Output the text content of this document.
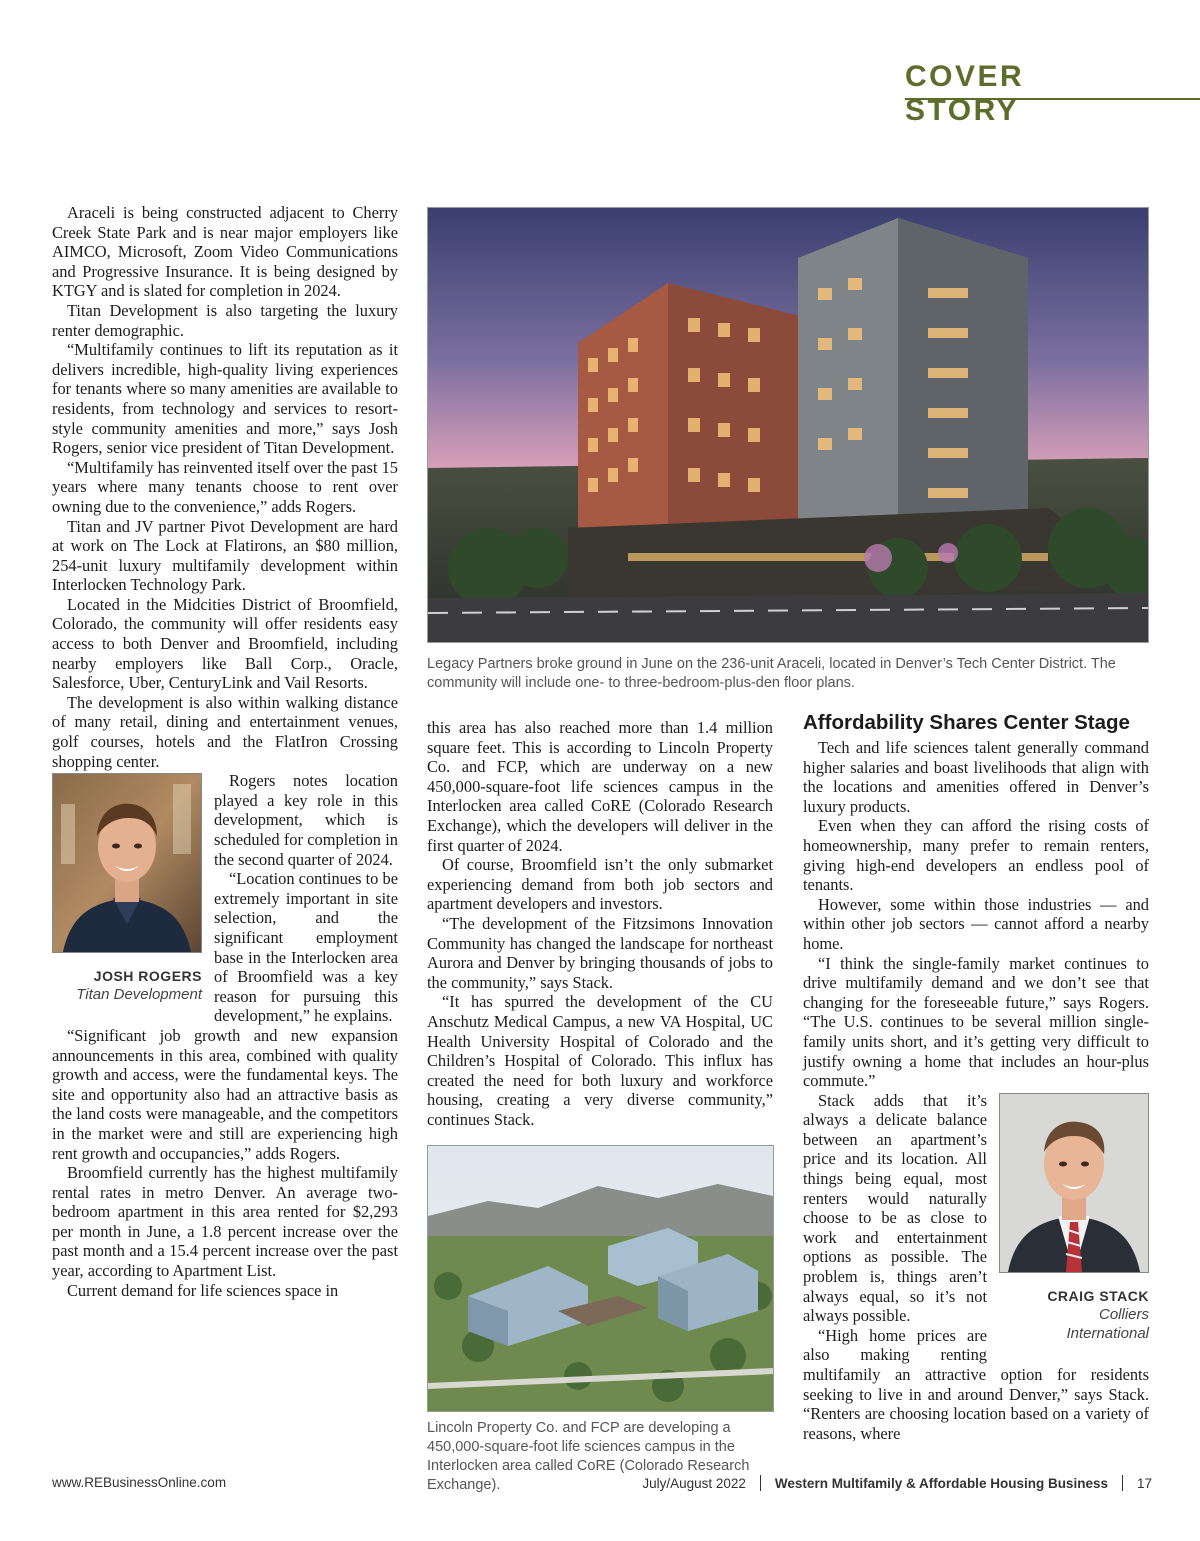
COVER STORY

Araceli is being constructed adjacent to Cherry Creek State Park and is near major employers like AIMCO, Microsoft, Zoom Video Communications and Progressive Insurance. It is being designed by KTGY and is slated for completion in 2024.

Titan Development is also targeting the luxury renter demographic.

“Multifamily continues to lift its reputation as it delivers incredible, high-quality living experiences for tenants where so many amenities are available to residents, from technology and services to resort-style community amenities and more,” says Josh Rogers, senior vice president of Titan Development.

“Multifamily has reinvented itself over the past 15 years where many tenants choose to rent over owning due to the convenience,” adds Rogers.

Titan and JV partner Pivot Development are hard at work on The Lock at Flatirons, an $80 million, 254-unit luxury multifamily development within Interlocken Technology Park.

Located in the Midcities District of Broomfield, Colorado, the community will offer residents easy access to both Denver and Broomfield, including nearby employers like Ball Corp., Oracle, Salesforce, Uber, CenturyLink and Vail Resorts.

The development is also within walking distance of many retail, dining and entertainment venues, golf courses, hotels and the FlatIron Crossing shopping center.

JOSH ROGERS
Titan Development

Rogers notes location played a key role in this development, which is scheduled for completion in the second quarter of 2024.

“Location continues to be extremely important in site selection, and the significant employment base in the Interlocken area of Broomfield was a key reason for pursuing this development,” he explains.

“Significant job growth and new expansion announcements in this area, combined with quality growth and access, were the fundamental keys. The site and opportunity also had an attractive basis as the land costs were manageable, and the competitors in the market were and still are experiencing high rent growth and occupancies,” adds Rogers.

Broomfield currently has the highest multifamily rental rates in metro Denver. An average two-bedroom apartment in this area rented for $2,293 per month in June, a 1.8 percent increase over the past month and a 15.4 percent increase over the past year, according to Apartment List.

Current demand for life sciences space in

Legacy Partners broke ground in June on the 236-unit Araceli, located in Denver’s Tech Center District. The community will include one- to three-bedroom-plus-den floor plans.

this area has also reached more than 1.4 million square feet. This is according to Lincoln Property Co. and FCP, which are underway on a new 450,000-square-foot life sciences campus in the Interlocken area called CoRE (Colorado Research Exchange), which the developers will deliver in the first quarter of 2024.

Of course, Broomfield isn’t the only submarket experiencing demand from both job sectors and apartment developers and investors.

“The development of the Fitzsimons Innovation Community has changed the landscape for northeast Aurora and Denver by bringing thousands of jobs to the community,” says Stack.

“It has spurred the development of the CU Anschutz Medical Campus, a new VA Hospital, UC Health University Hospital of Colorado and the Children’s Hospital of Colorado. This influx has created the need for both luxury and workforce housing, creating a very diverse community,” continues Stack.

Lincoln Property Co. and FCP are developing a 450,000-square-foot life sciences campus in the Interlocken area called CoRE (Colorado Research Exchange).
Affordability Shares Center Stage

Tech and life sciences talent generally command higher salaries and boast livelihoods that align with the locations and amenities offered in Denver’s luxury products.

Even when they can afford the rising costs of homeownership, many prefer to remain renters, giving high-end developers an endless pool of tenants.

However, some within those industries — and within other job sectors — cannot afford a nearby home.

“I think the single-family market continues to drive multifamily demand and we don’t see that changing for the foreseeable future,” says Rogers. “The U.S. continues to be several million single-family units short, and it’s getting very difficult to justify owning a home that includes an hour-plus commute.”

CRAIG STACK
Colliers
International

Stack adds that it’s always a delicate balance between an apartment’s price and its location. All things being equal, most renters would naturally choose to be as close to work and entertainment options as possible. The problem is, things aren’t always equal, so it’s not always possible.

“High home prices are also making renting multifamily an attractive option for residents seeking to live in and around Denver,” says Stack. “Renters are choosing location based on a variety of reasons, where

www.REBusinessOnline.com	July/August 2022 Western Multifamily & Affordable Housing Business 17
